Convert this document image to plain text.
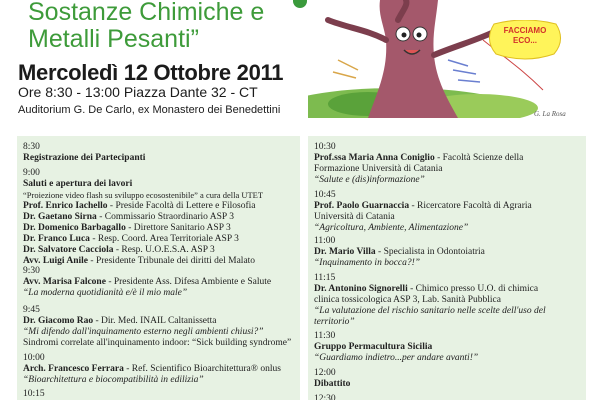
Sostanze Chimiche e
Metalli Pesanti”
Mercoledì 12 Ottobre 2011
Ore 8:30 - 13:00 Piazza Dante 32 - CT
Auditorium G. De Carlo, ex Monastero dei Benedettini
FACCIAMO
ECO...
G. La Rosa
8:30
Registrazione dei Partecipanti
9:00
Saluti e apertura dei lavori
“Proiezione video flash su sviluppo ecosostenibile” a cura della UTET
Prof. Enrico Iachello - Preside Facoltà di Lettere e Filosofia
Dr. Gaetano Sirna - Commissario Straordinario ASP 3
Dr. Domenico Barbagallo - Direttore Sanitario ASP 3
Dr. Franco Luca - Resp. Coord. Area Territoriale ASP 3
Dr. Salvatore Cacciola - Resp. U.O.E.S.A. ASP 3
Avv. Luigi Anile - Presidente Tribunale dei diritti del Malato
9:30
Avv. Marisa Falcone - Presidente Ass. Difesa Ambiente e Salute
“La moderna quotidianità e/è il mio male”
9:45
Dr. Giacomo Rao - Dir. Med. INAIL Caltanissetta
“Mi difendo dall'inquinamento esterno negli ambienti chiusi?”
Sindromi correlate all'inquinamento indoor: “Sick building syndrome”
10:00
Arch. Francesco Ferrara - Ref. Scientifico Bioarchitettura® onlus
“Bioarchitettura e biocompatibilità in edilizia”
10:15
10:30
Prof.ssa Maria Anna Coniglio - Facoltà Scienze della
Formazione Università di Catania
“Salute e (dis)informazione”
10:45
Prof. Paolo Guarnaccia - Ricercatore Facoltà di Agraria
Università di Catania
“Agricoltura, Ambiente, Alimentazione”
11:00
Dr. Mario Villa - Specialista in Odontoiatria
“Inquinamento in bocca?!”
11:15
Dr. Antonino Signorelli - Chimico presso U.O. di chimica
clinica tossicologica ASP 3, Lab. Sanità Pubblica
“La valutazione del rischio sanitario nelle scelte dell'uso del
territorio”
11:30
Gruppo Permacultura Sicilia
“Guardiamo indietro...per andare avanti!”
12:00
Dibattito
12:30
